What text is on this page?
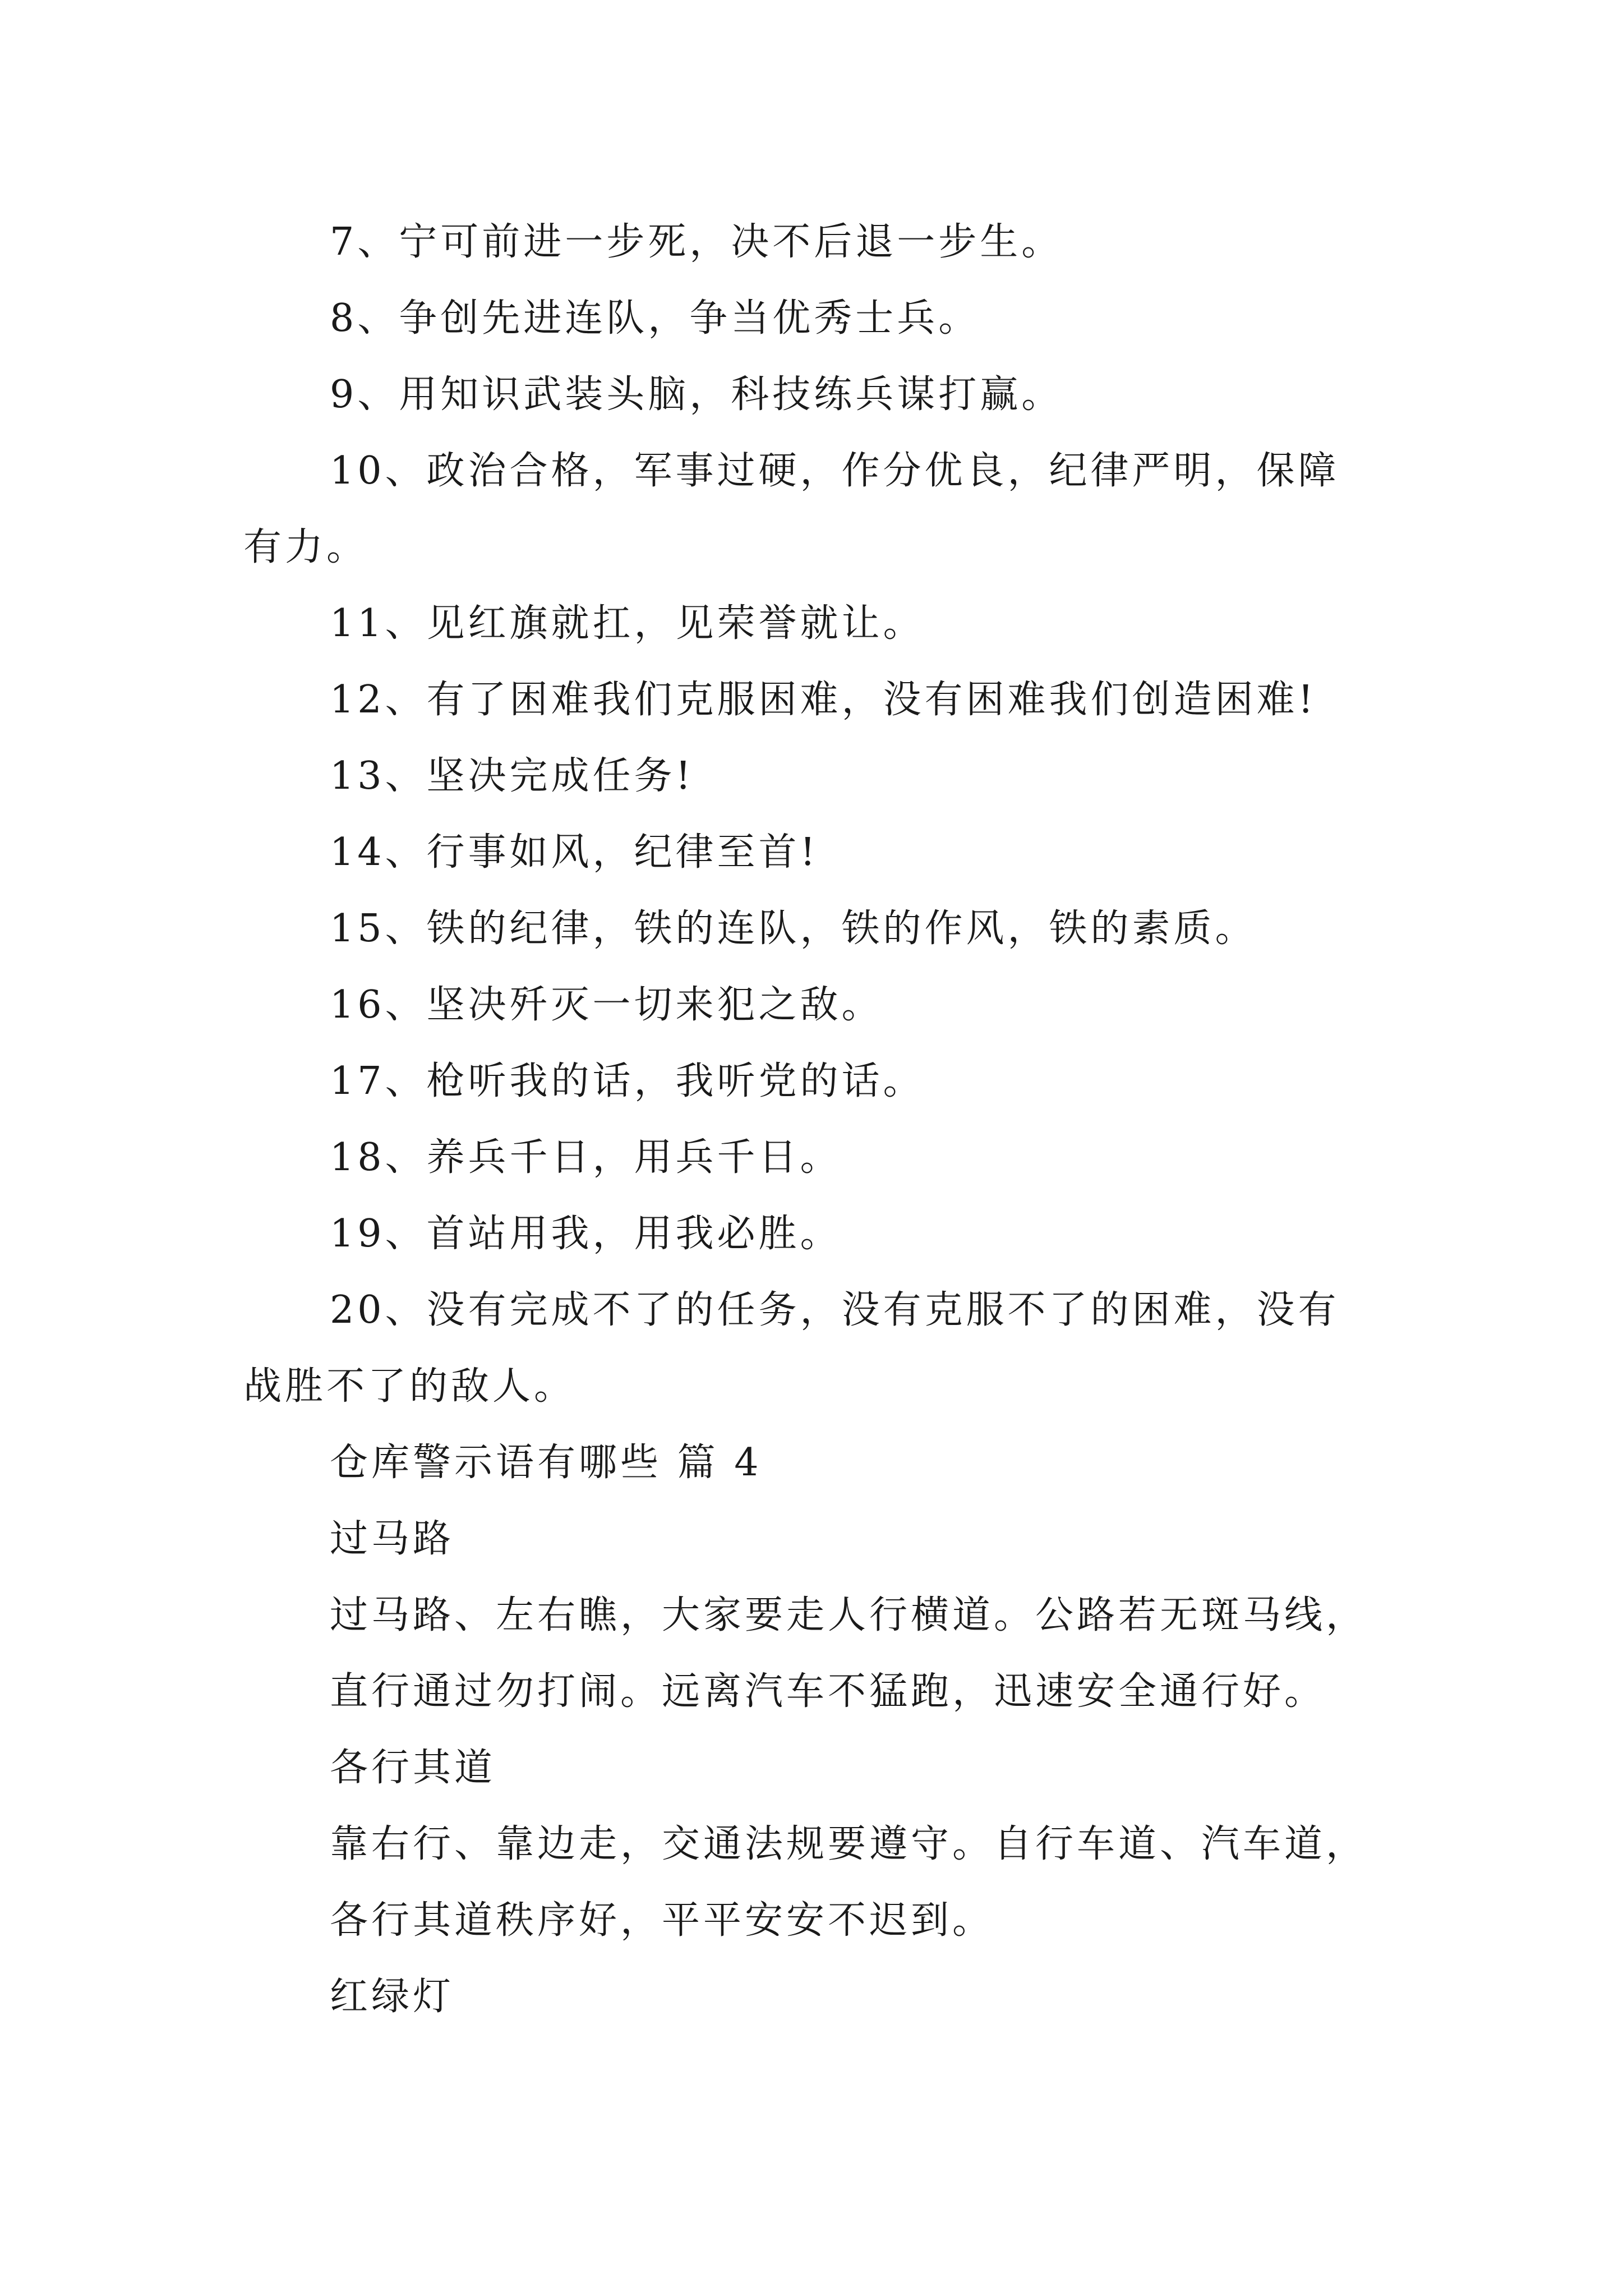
7、宁可前进一步死，决不后退一步生。
8、争创先进连队，争当优秀士兵。
9、用知识武装头脑，科技练兵谋打赢。
10、政治合格，军事过硬，作分优良，纪律严明，保障
有力。
11、见红旗就扛，见荣誉就让。
12、有了困难我们克服困难，没有困难我们创造困难!
13、坚决完成任务!
14、行事如风，纪律至首!
15、铁的纪律，铁的连队，铁的作风，铁的素质。
16、坚决歼灭一切来犯之敌。
17、枪听我的话，我听党的话。
18、养兵千日，用兵千日。
19、首站用我，用我必胜。
20、没有完成不了的任务，没有克服不了的困难，没有
战胜不了的敌人。
仓库警示语有哪些 篇 4
过马路
过马路、左右瞧，大家要走人行横道。公路若无斑马线，
直行通过勿打闹。远离汽车不猛跑，迅速安全通行好。
各行其道
靠右行、靠边走，交通法规要遵守。自行车道、汽车道，
各行其道秩序好，平平安安不迟到。
红绿灯
